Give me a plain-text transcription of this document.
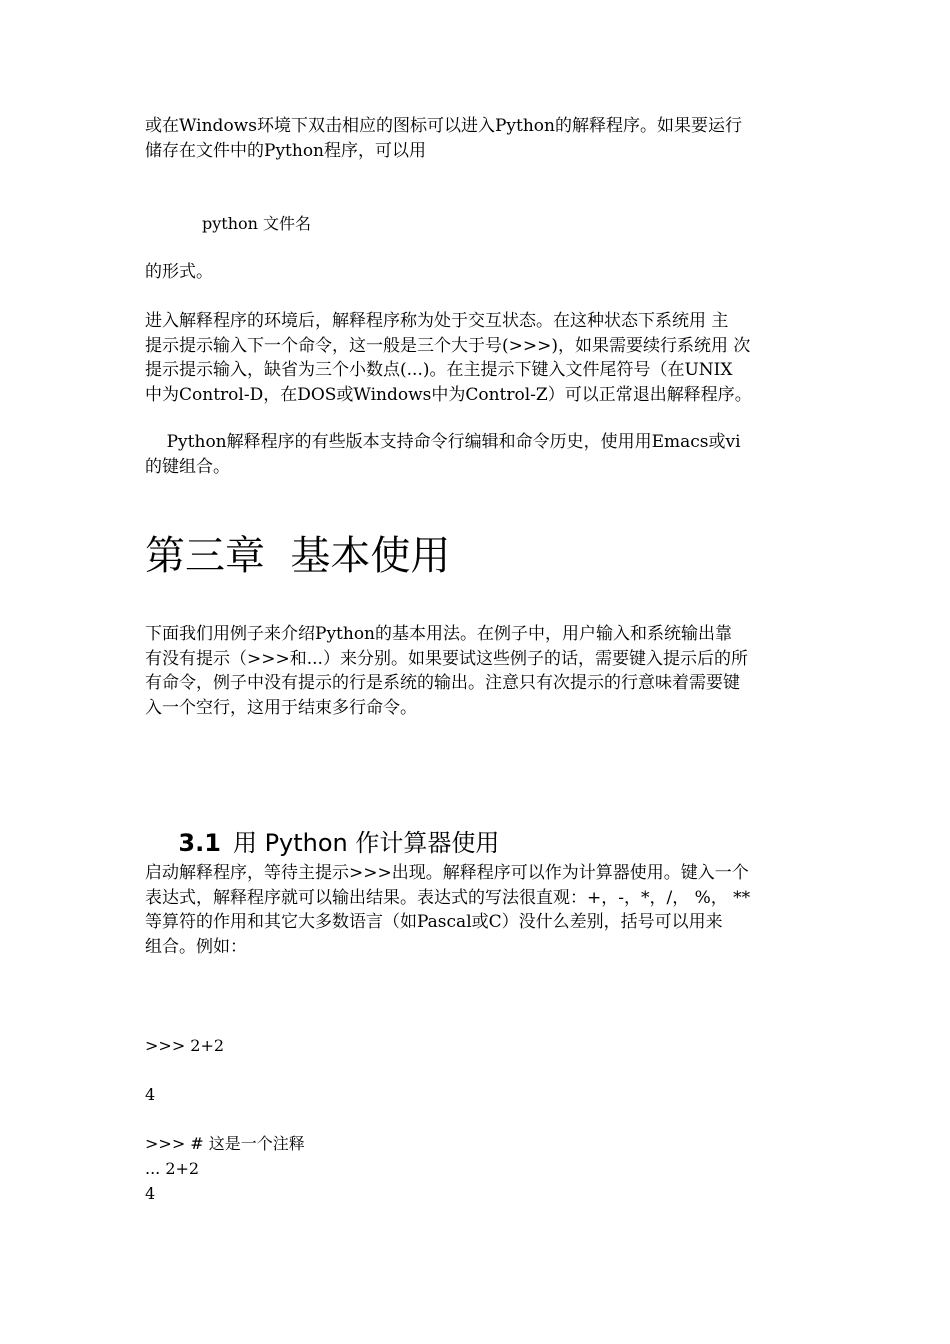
或在Windows环境下双击相应的图标可以进入Python的解释程序。如果要运行
储存在文件中的Python程序，可以用
python 文件名
的形式。
进入解释程序的环境后，解释程序称为处于交互状态。在这种状态下系统用 主
提示提示输入下一个命令，这一般是三个大于号(>>>)，如果需要续行系统用 次
提示提示输入，缺省为三个小数点(...)。在主提示下键入文件尾符号（在UNIX
中为Control-D，在DOS或Windows中为Control-Z）可以正常退出解释程序。
Python解释程序的有些版本支持命令行编辑和命令历史，使用用Emacs或vi
的键组合。
第三章  基本使用
下面我们用例子来介绍Python的基本用法。在例子中，用户输入和系统输出靠
有没有提示（>>>和...）来分别。如果要试这些例子的话，需要键入提示后的所
有命令，例子中没有提示的行是系统的输出。注意只有次提示的行意味着需要键
入一个空行，这用于结束多行命令。

3.1 用 Python 作计算器使用

启动解释程序，等待主提示>>>出现。解释程序可以作为计算器使用。键入一个
表达式，解释程序就可以输出结果。表达式的写法很直观：+，-，*，/， %， **
等算符的作用和其它大多数语言（如Pascal或C）没什么差别，括号可以用来
组合。例如：
>>> 2+2
4
>>> # 这是一个注释
... 2+2
4
